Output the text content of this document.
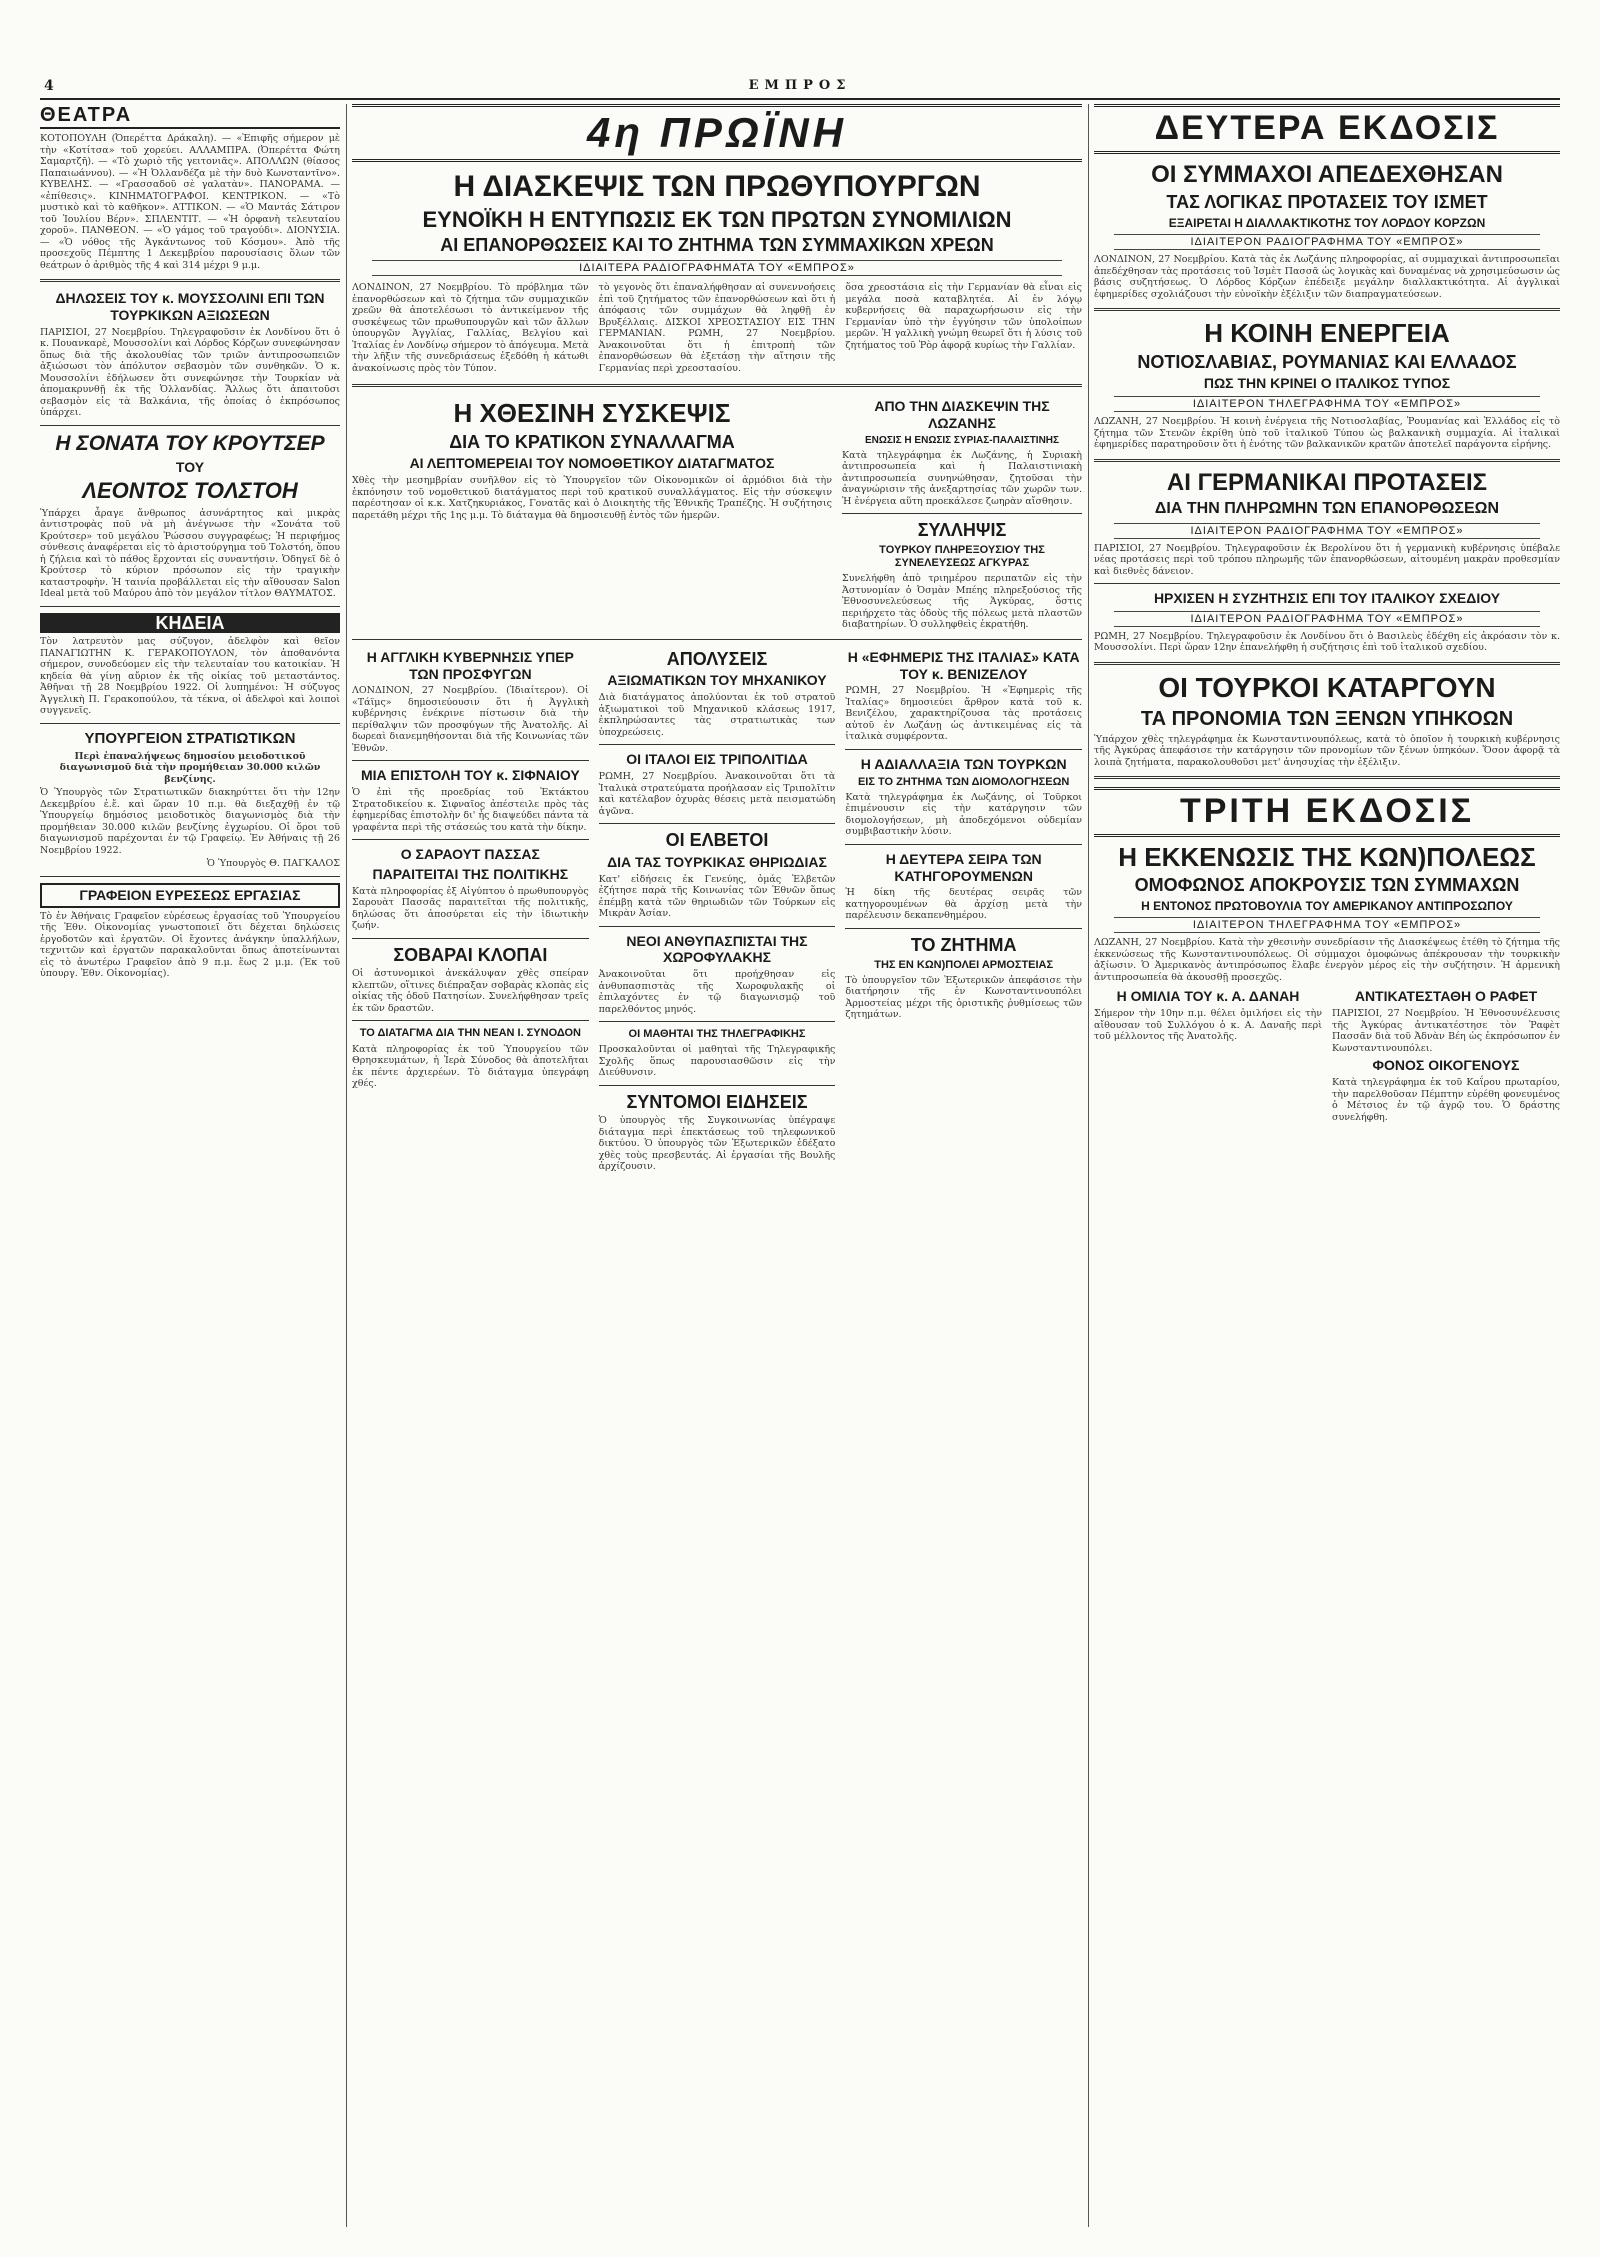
4	ΕΜΠΡΟΣ
ΘΕΑΤΡΑ

ΚΟΤΟΠΟΥΛΗ (Ὀπερέττα Δράκαλη). — «Ἐπιφῆς σήμερον μὲ τὴν «Κοτίτσα» τοῦ χορεύει. ΑΛΛΑΜΠΡΑ. (Ὀπερέττα Φώτη Σαμαρτζῆ). — «Τὸ χωριὸ τῆς γειτονιᾶς». ΑΠΟΛΛΩΝ (θίασος Παπαιωάννου). — «Ἡ Ὀλλανδέζα μὲ τὴν δυὸ Κωνσταντῖνο». ΚΥΒΕΛΗΣ. — «Γρασσαδοῦ σὲ γαλατὰν». ΠΑΝΟΡΑΜΑ. — «ἐπίθεσις». ΚΙΝΗΜΑΤΟΓΡΑΦΟΙ. ΚΕΝΤΡΙΚΟΝ. — «Τὸ μυστικὸ καὶ τὸ καθῆκον». ΑΤΤΙΚΟΝ. — «Ὁ Μαντάς Σάτιρον τοῦ Ἰουλίου Βέρν». ΣΠΛΕΝΤΙΤ. — «Ἡ ὀρφανὴ τελευταίου χοροῦ». ΠΑΝΘΕΟΝ. — «Ὁ γάμος τοῦ τραγούδι». ΔΙΟΝΥΣΙΑ. — «Ὁ νόθος τῆς Ἀγκάντωνος τοῦ Κόσμου». Ἀπὸ τῆς προσεχοῦς Πέμπτης 1 Δεκεμβρίου παρουσίασις ὅλων τῶν θεάτρων ὁ ἀριθμὸς τῆς 4 καὶ 314 μέχρι 9 μ.μ.

ΔΗΛΩΣΕΙΣ ΤΟΥ κ. ΜΟΥΣΣΟΛΙΝΙ ΕΠΙ ΤΩΝ ΤΟΥΡΚΙΚΩΝ ΑΞΙΩΣΕΩΝ

ΠΑΡΙΣΙΟΙ, 27 Νοεμβρίου. Τηλεγραφοῦσιν ἐκ Λονδίνου ὅτι ὁ κ. Πουανκαρὲ, Μουσσολίνι καὶ Λόρδος Κόρζων συνεφώνησαν ὅπως διὰ τῆς ἀκολουθίας τῶν τριῶν ἀντιπροσωπειῶν ἀξιώσωσι τὸν ἀπόλυτον σεβασμὸν τῶν συνθηκῶν. Ὁ κ. Μουσσολίνι ἐδήλωσεν ὅτι συνεφώνησε τὴν Τουρκίαν νὰ ἀπομακρυνθῇ ἐκ τῆς Ὁλλανδίας. Ἄλλως ὅτι ἀπαιτοῦσι σεβασμὸν εἰς τὰ Βαλκάνια, τῆς ὁποίας ὁ ἐκπρόσωπος ὑπάρχει.

Η ΣΟΝΑΤΑ ΤΟΥ ΚΡΟΥΤΣΕΡ
ΤΟΥ
ΛΕΟΝΤΟΣ ΤΟΛΣΤΟΗ

Ὑπάρχει ἆραγε ἄνθρωπος ἀσυνάρτητος καὶ μικρὰς ἀντιστροφὰς ποῦ νὰ μὴ ἀνέγνωσε τὴν «Σονάτα τοῦ Κρούτσερ» τοῦ μεγάλου Ῥώσσου συγγραφέως; Ἡ περιφήμος σύνθεσις ἀναφέρεται εἰς τὸ ἀριστούργημα τοῦ Τολστόη, ὅπου ἡ ζήλεια καὶ τὸ πάθος ἔρχονται εἰς συναντήσιν. Ὁδηγεῖ δὲ ὁ Κρούτσερ τὸ κύριον πρόσωπον εἰς τὴν τραγικὴν καταστροφὴν. Ἡ ταινία προβάλλεται εἰς τὴν αἴθουσαν Salon Ideal μετὰ τοῦ Μαύρου ἀπὸ τὸν μεγάλον τίτλον ΘΑΥΜΑΤΟΣ.

ΚΗΔΕΙΑ

Τὸν λατρευτὸν μας σύζυγον, ἀδελφὸν καὶ θεῖον ΠΑΝΑΓΙΩΤΗΝ Κ. ΓΕΡΑΚΟΠΟΥΛΟΝ, τὸν ἀποθανόντα σήμερον, συνοδεύομεν εἰς τὴν τελευταίαν του κατοικίαν. Ἡ κηδεία θὰ γίνῃ αὔριον ἐκ τῆς οἰκίας τοῦ μεταστάντος. Ἀθῆναι τῇ 28 Νοεμβρίου 1922. Οἱ λυπημένοι: Ἡ σύζυγος Ἀγγελικὴ Π. Γερακοπούλου, τὰ τέκνα, οἱ ἀδελφοὶ καὶ λοιποὶ συγγενεῖς.

ΥΠΟΥΡΓΕΙΟΝ ΣΤΡΑΤΙΩΤΙΚΩΝ

Περὶ ἐπαναλήψεως δημοσίου μειοδοτικοῦ διαγωνισμοῦ διὰ τὴν προμήθειαν 30.000 κιλῶν βενζίνης.

Ὁ Ὑπουργὸς τῶν Στρατιωτικῶν διακηρύττει ὅτι τὴν 12ην Δεκεμβρίου ἐ.ἔ. καὶ ὥραν 10 π.μ. θὰ διεξαχθῇ ἐν τῷ Ὑπουργείῳ δημόσιος μειοδοτικὸς διαγωνισμὸς διὰ τὴν προμήθειαν 30.000 κιλῶν βενζίνης ἐγχωρίου. Οἱ ὅροι τοῦ διαγωνισμοῦ παρέχονται ἐν τῷ Γραφείῳ. Ἐν Ἀθήναις τῇ 26 Νοεμβρίου 1922.

Ὁ Ὑπουργὸς Θ. ΠΑΓΚΑΛΟΣ

ΓΡΑΦΕΙΟΝ ΕΥΡΕΣΕΩΣ ΕΡΓΑΣΙΑΣ

Τὸ ἐν Ἀθήναις Γραφεῖον εὑρέσεως ἐργασίας τοῦ Ὑπουργείου τῆς Ἐθν. Οἰκονομίας γνωστοποιεῖ ὅτι δέχεται δηλώσεις ἐργοδοτῶν καὶ ἐργατῶν. Οἱ ἔχοντες ἀνάγκην ὑπαλλήλων, τεχνιτῶν καὶ ἐργατῶν παρακαλοῦνται ὅπως ἀποτείνωνται εἰς τὸ ἀνωτέρω Γραφεῖον ἀπὸ 9 π.μ. ἕως 2 μ.μ. (Ἐκ τοῦ ὑπουργ. Ἐθν. Οἰκονομίας).

4η ΠΡΩΪΝΗ
Η ΔΙΑΣΚΕΨΙΣ ΤΩΝ ΠΡΩΘΥΠΟΥΡΓΩΝ
ΕΥΝΟΪΚΗ Η ΕΝΤΥΠΩΣΙΣ ΕΚ ΤΩΝ ΠΡΩΤΩΝ ΣΥΝΟΜΙΛΙΩΝ
ΑΙ ΕΠΑΝΟΡΘΩΣΕΙΣ ΚΑΙ ΤΟ ΖΗΤΗΜΑ ΤΩΝ ΣΥΜΜΑΧΙΚΩΝ ΧΡΕΩΝ
ΙΔΙΑΙΤΕΡΑ ΡΑΔΙΟΓΡΑΦΗΜΑΤΑ ΤΟΥ «ΕΜΠΡΟΣ»

ΛΟΝΔΙΝΟΝ, 27 Νοεμβρίου. Τὸ πρόβλημα τῶν ἐπανορθώσεων καὶ τὸ ζήτημα τῶν συμμαχικῶν χρεῶν θὰ ἀποτελέσωσι τὸ ἀντικείμενον τῆς συσκέψεως τῶν πρωθυπουργῶν καὶ τῶν ἄλλων ὑπουργῶν Ἀγγλίας, Γαλλίας, Βελγίου καὶ Ἰταλίας ἐν Λονδίνῳ σήμερον τὸ ἀπόγευμα. Μετὰ τὴν λῆξιν τῆς συνεδριάσεως ἐξεδόθη ἡ κάτωθι ἀνακοίνωσις πρὸς τὸν Τύπον.

τὸ γεγονὸς ὅτι ἐπαναλήφθησαν αἱ συνεννοήσεις ἐπὶ τοῦ ζητήματος τῶν ἐπανορθώσεων καὶ ὅτι ἡ ἀπόφασις τῶν συμμάχων θὰ ληφθῇ ἐν Βρυξέλλαις. ΔΙΣΚΟΙ ΧΡΕΟΣΤΑΣΙΟΥ ΕΙΣ ΤΗΝ ΓΕΡΜΑΝΙΑΝ. ΡΩΜΗ, 27 Νοεμβρίου. Ἀνακοινοῦται ὅτι ἡ ἐπιτροπὴ τῶν ἐπανορθώσεων θὰ ἐξετάσῃ τὴν αἴτησιν τῆς Γερμανίας περὶ χρεοστασίου.

ὅσα χρεοστάσια εἰς τὴν Γερμανίαν θὰ εἶναι εἰς μεγάλα ποσὰ καταβλητέα. Αἱ ἐν λόγῳ κυβερνήσεις θὰ παραχωρήσωσιν εἰς τὴν Γερμανίαν ὑπὸ τὴν ἐγγύησιν τῶν ὑπολοίπων μερῶν. Ἡ γαλλικὴ γνώμη θεωρεῖ ὅτι ἡ λύσις τοῦ ζητήματος τοῦ Ῥὸρ ἀφορᾷ κυρίως τὴν Γαλλίαν.

Η ΧΘΕΣΙΝΗ ΣΥΣΚΕΨΙΣ
ΔΙΑ ΤΟ ΚΡΑΤΙΚΟΝ ΣΥΝΑΛΛΑΓΜΑ
ΑΙ ΛΕΠΤΟΜΕΡΕΙΑΙ ΤΟΥ ΝΟΜΟΘΕΤΙΚΟΥ ΔΙΑΤΑΓΜΑΤΟΣ

Χθὲς τὴν μεσημβρίαν συνῆλθον εἰς τὸ Ὑπουργεῖον τῶν Οἰκονομικῶν οἱ ἁρμόδιοι διὰ τὴν ἐκπόνησιν τοῦ νομοθετικοῦ διατάγματος περὶ τοῦ κρατικοῦ συναλλάγματος. Εἰς τὴν σύσκεψιν παρέστησαν οἱ κ.κ. Χατζηκυριάκος, Γονατᾶς καὶ ὁ Διοικητὴς τῆς Ἐθνικῆς Τραπέζης. Ἡ συζήτησις παρετάθη μέχρι τῆς 1ης μ.μ. Τὸ διάταγμα θὰ δημοσιευθῇ ἐντὸς τῶν ἡμερῶν.

ΑΠΟ ΤΗΝ ΔΙΑΣΚΕΨΙΝ ΤΗΣ ΛΩΖΑΝΗΣ
ΕΝΩΣΙΣ Η ΕΝΩΣΙΣ ΣΥΡΙΑΣ-ΠΑΛΑΙΣΤΙΝΗΣ

Κατὰ τηλεγράφημα ἐκ Λωζάνης, ἡ Συριακὴ ἀντιπροσωπεία καὶ ἡ Παλαιστινιακὴ ἀντιπροσωπεία συνηνώθησαν, ζητοῦσαι τὴν ἀναγνώρισιν τῆς ἀνεξαρτησίας τῶν χωρῶν των. Ἡ ἐνέργεια αὕτη προεκάλεσε ζωηρὰν αἴσθησιν.

ΣΥΛΛΗΨΙΣ
ΤΟΥΡΚΟΥ ΠΛΗΡΕΞΟΥΣΙΟΥ ΤΗΣ ΣΥΝΕΛΕΥΣΕΩΣ ΑΓΚΥΡΑΣ

Συνελήφθη ἀπὸ τριημέρου περιπατῶν εἰς τὴν Ἀστυνομίαν ὁ Ὀσμὰν Μπέης πληρεξούσιος τῆς Ἐθνοσυνελεύσεως τῆς Ἀγκύρας, ὅστις περιήρχετο τὰς ὁδοὺς τῆς πόλεως μετὰ πλαστῶν διαβατηρίων. Ὁ συλληφθεὶς ἐκρατήθη.

Η ΑΓΓΛΙΚΗ ΚΥΒΕΡΝΗΣΙΣ ΥΠΕΡ ΤΩΝ ΠΡΟΣΦΥΓΩΝ

ΛΟΝΔΙΝΟΝ, 27 Νοεμβρίου. (Ἰδιαίτερον). Οἱ «Τάϊμς» δημοσιεύουσιν ὅτι ἡ Ἀγγλικὴ κυβέρνησις ἐνέκρινε πίστωσιν διὰ τὴν περίθαλψιν τῶν προσφύγων τῆς Ἀνατολῆς. Αἱ δωρεαὶ διανεμηθήσονται διὰ τῆς Κοινωνίας τῶν Ἐθνῶν.

ΜΙΑ ΕΠΙΣΤΟΛΗ ΤΟΥ κ. ΣΙΦΝΑΙΟΥ

Ὁ ἐπὶ τῆς προεδρίας τοῦ Ἐκτάκτου Στρατοδικείου κ. Σιφναῖος ἀπέστειλε πρὸς τὰς ἐφημερίδας ἐπιστολὴν δι' ἧς διαψεύδει πάντα τὰ γραφέντα περὶ τῆς στάσεώς του κατὰ τὴν δίκην.

Ο ΣΑΡΑΟΥΤ ΠΑΣΣΑΣ
ΠΑΡΑΙΤΕΙΤΑΙ ΤΗΣ ΠΟΛΙΤΙΚΗΣ

Κατὰ πληροφορίας ἐξ Αἰγύπτου ὁ πρωθυπουργὸς Σαρουὰτ Πασσᾶς παραιτεῖται τῆς πολιτικῆς, δηλώσας ὅτι ἀποσύρεται εἰς τὴν ἰδιωτικὴν ζωήν.

ΣΟΒΑΡΑΙ ΚΛΟΠΑΙ

Οἱ ἀστυνομικοὶ ἀνεκάλυψαν χθὲς σπείραν κλεπτῶν, οἵτινες διέπραξαν σοβαρὰς κλοπὰς εἰς οἰκίας τῆς ὁδοῦ Πατησίων. Συνελήφθησαν τρεῖς ἐκ τῶν δραστῶν.

ΤΟ ΔΙΑΤΑΓΜΑ ΔΙΑ ΤΗΝ ΝΕΑΝ Ι. ΣΥΝΟΔΟΝ

Κατὰ πληροφορίας ἐκ τοῦ Ὑπουργείου τῶν Θρησκευμάτων, ἡ Ἱερὰ Σύνοδος θὰ ἀποτελῆται ἐκ πέντε ἀρχιερέων. Τὸ διάταγμα ὑπεγράφη χθές.

ΑΠΟΛΥΣΕΙΣ
ΑΞΙΩΜΑΤΙΚΩΝ ΤΟΥ ΜΗΧΑΝΙΚΟΥ

Διὰ διατάγματος ἀπολύονται ἐκ τοῦ στρατοῦ ἀξιωματικοὶ τοῦ Μηχανικοῦ κλάσεως 1917, ἐκπληρώσαντες τὰς στρατιωτικὰς των ὑποχρεώσεις.

ΟΙ ΙΤΑΛΟΙ ΕΙΣ ΤΡΙΠΟΛΙΤΙΔΑ

ΡΩΜΗ, 27 Νοεμβρίου. Ἀνακοινοῦται ὅτι τὰ Ἰταλικὰ στρατεύματα προήλασαν εἰς Τριπολῖτιν καὶ κατέλαβον ὀχυρὰς θέσεις μετὰ πεισματώδη ἀγῶνα.

ΟΙ ΕΛΒΕΤΟΙ
ΔΙΑ ΤΑΣ ΤΟΥΡΚΙΚΑΣ ΘΗΡΙΩΔΙΑΣ

Κατ' εἰδήσεις ἐκ Γενεύης, ὁμάς Ἑλβετῶν ἐζήτησε παρὰ τῆς Κοινωνίας τῶν Ἐθνῶν ὅπως ἐπέμβῃ κατὰ τῶν θηριωδιῶν τῶν Τούρκων εἰς Μικρὰν Ἀσίαν.

ΝΕΟΙ ΑΝΘΥΠΑΣΠΙΣΤΑΙ ΤΗΣ ΧΩΡΟΦΥΛΑΚΗΣ

Ἀνακοινοῦται ὅτι προήχθησαν εἰς ἀνθυπασπιστὰς τῆς Χωροφυλακῆς οἱ ἐπιλαχόντες ἐν τῷ διαγωνισμῷ τοῦ παρελθόντος μηνός.

ΟΙ ΜΑΘΗΤΑΙ ΤΗΣ ΤΗΛΕΓΡΑΦΙΚΗΣ

Προσκαλοῦνται οἱ μαθηταὶ τῆς Τηλεγραφικῆς Σχολῆς ὅπως παρουσιασθῶσιν εἰς τὴν Διεύθυνσιν.

ΣΥΝΤΟΜΟΙ ΕΙΔΗΣΕΙΣ

Ὁ ὑπουργὸς τῆς Συγκοινωνίας ὑπέγραψε διάταγμα περὶ ἐπεκτάσεως τοῦ τηλεφωνικοῦ δικτύου. Ὁ ὑπουργὸς τῶν Ἐξωτερικῶν ἐδέξατο χθὲς τοὺς πρεσβευτάς. Αἱ ἐργασίαι τῆς Βουλῆς ἀρχίζουσιν.

Η «ΕΦΗΜΕΡΙΣ ΤΗΣ ΙΤΑΛΙΑΣ» ΚΑΤΑ ΤΟΥ κ. ΒΕΝΙΖΕΛΟΥ

ΡΩΜΗ, 27 Νοεμβρίου. Ἡ «Ἐφημερὶς τῆς Ἰταλίας» δημοσιεύει ἄρθρον κατὰ τοῦ κ. Βενιζέλου, χαρακτηρίζουσα τὰς προτάσεις αὐτοῦ ἐν Λωζάνῃ ὡς ἀντικειμένας εἰς τὰ ἰταλικὰ συμφέροντα.

Η ΑΔΙΑΛΛΑΞΙΑ ΤΩΝ ΤΟΥΡΚΩΝ
ΕΙΣ ΤΟ ΖΗΤΗΜΑ ΤΩΝ ΔΙΟΜΟΛΟΓΗΣΕΩΝ

Κατὰ τηλεγράφημα ἐκ Λωζάνης, οἱ Τοῦρκοι ἐπιμένουσιν εἰς τὴν κατάργησιν τῶν διομολογήσεων, μὴ ἀποδεχόμενοι οὐδεμίαν συμβιβαστικὴν λύσιν.

Η ΔΕΥΤΕΡΑ ΣΕΙΡΑ ΤΩΝ ΚΑΤΗΓΟΡΟΥΜΕΝΩΝ

Ἡ δίκη τῆς δευτέρας σειρᾶς τῶν κατηγορουμένων θὰ ἀρχίσῃ μετὰ τὴν παρέλευσιν δεκαπενθημέρου.

ΤΟ ΖΗΤΗΜΑ
ΤΗΣ ΕΝ ΚΩΝ)ΠΟΛΕΙ ΑΡΜΟΣΤΕΙΑΣ

Τὸ ὑπουργεῖον τῶν Ἐξωτερικῶν ἀπεφάσισε τὴν διατήρησιν τῆς ἐν Κωνσταντινουπόλει Ἀρμοστείας μέχρι τῆς ὁριστικῆς ῥυθμίσεως τῶν ζητημάτων.

ΔΕΥΤΕΡΑ ΕΚΔΟΣΙΣ
ΟΙ ΣΥΜΜΑΧΟΙ ΑΠΕΔΕΧΘΗΣΑΝ
ΤΑΣ ΛΟΓΙΚΑΣ ΠΡΟΤΑΣΕΙΣ ΤΟΥ ΙΣΜΕΤ
ΕΞΑΙΡΕΤΑΙ Η ΔΙΑΛΛΑΚΤΙΚΟΤΗΣ ΤΟΥ ΛΟΡΔΟΥ ΚΟΡΖΩΝ
ΙΔΙΑΙΤΕΡΟΝ ΡΑΔΙΟΓΡΑΦΗΜΑ ΤΟΥ «ΕΜΠΡΟΣ»

ΛΟΝΔΙΝΟΝ, 27 Νοεμβρίου. Κατὰ τὰς ἐκ Λωζάνης πληροφορίας, αἱ συμμαχικαὶ ἀντιπροσωπεῖαι ἀπεδέχθησαν τὰς προτάσεις τοῦ Ἰσμὲτ Πασσᾶ ὡς λογικὰς καὶ δυναμένας νὰ χρησιμεύσωσιν ὡς βάσις συζητήσεως. Ὁ Λόρδος Κόρζων ἐπέδειξε μεγάλην διαλλακτικότητα. Αἱ ἀγγλικαὶ ἐφημερίδες σχολιάζουσι τὴν εὐνοϊκὴν ἐξέλιξιν τῶν διαπραγματεύσεων.

Η ΚΟΙΝΗ ΕΝΕΡΓΕΙΑ
ΝΟΤΙΟΣΛΑΒΙΑΣ, ΡΟΥΜΑΝΙΑΣ ΚΑΙ ΕΛΛΑΔΟΣ
ΠΩΣ ΤΗΝ ΚΡΙΝΕΙ Ο ΙΤΑΛΙΚΟΣ ΤΥΠΟΣ
ΙΔΙΑΙΤΕΡΟΝ ΤΗΛΕΓΡΑΦΗΜΑ ΤΟΥ «ΕΜΠΡΟΣ»

ΛΩΖΑΝΗ, 27 Νοεμβρίου. Ἡ κοινὴ ἐνέργεια τῆς Νοτιοσλαβίας, Ῥουμανίας καὶ Ἑλλάδος εἰς τὸ ζήτημα τῶν Στενῶν ἐκρίθη ὑπὸ τοῦ ἰταλικοῦ Τύπου ὡς βαλκανικὴ συμμαχία. Αἱ ἰταλικαὶ ἐφημερίδες παρατηροῦσιν ὅτι ἡ ἑνότης τῶν βαλκανικῶν κρατῶν ἀποτελεῖ παράγοντα εἰρήνης.

ΑΙ ΓΕΡΜΑΝΙΚΑΙ ΠΡΟΤΑΣΕΙΣ
ΔΙΑ ΤΗΝ ΠΛΗΡΩΜΗΝ ΤΩΝ ΕΠΑΝΟΡΘΩΣΕΩΝ
ΙΔΙΑΙΤΕΡΟΝ ΡΑΔΙΟΓΡΑΦΗΜΑ ΤΟΥ «ΕΜΠΡΟΣ»

ΠΑΡΙΣΙΟΙ, 27 Νοεμβρίου. Τηλεγραφοῦσιν ἐκ Βερολίνου ὅτι ἡ γερμανικὴ κυβέρνησις ὑπέβαλε νέας προτάσεις περὶ τοῦ τρόπου πληρωμῆς τῶν ἐπανορθώσεων, αἰτουμένη μακρὰν προθεσμίαν καὶ διεθνὲς δάνειον.

ΗΡΧΙΣΕΝ Η ΣΥΖΗΤΗΣΙΣ ΕΠΙ ΤΟΥ ΙΤΑΛΙΚΟΥ ΣΧΕΔΙΟΥ
ΙΔΙΑΙΤΕΡΟΝ ΡΑΔΙΟΓΡΑΦΗΜΑ ΤΟΥ «ΕΜΠΡΟΣ»

ΡΩΜΗ, 27 Νοεμβρίου. Τηλεγραφοῦσιν ἐκ Λονδίνου ὅτι ὁ Βασιλεὺς ἐδέχθη εἰς ἀκρόασιν τὸν κ. Μουσσολίνι. Περὶ ὥραν 12ην ἐπανελήφθη ἡ συζήτησις ἐπὶ τοῦ ἰταλικοῦ σχεδίου.

ΟΙ ΤΟΥΡΚΟΙ ΚΑΤΑΡΓΟΥΝ
ΤΑ ΠΡΟΝΟΜΙΑ ΤΩΝ ΞΕΝΩΝ ΥΠΗΚΟΩΝ

Ὑπάρχον χθὲς τηλεγράφημα ἐκ Κωνσταντινουπόλεως, κατὰ τὸ ὁποῖον ἡ τουρκικὴ κυβέρνησις τῆς Ἀγκύρας ἀπεφάσισε τὴν κατάργησιν τῶν προνομίων τῶν ξένων ὑπηκόων. Ὅσον ἀφορᾷ τὰ λοιπὰ ζητήματα, παρακολουθοῦσι μετ' ἀνησυχίας τὴν ἐξέλιξιν.

ΤΡΙΤΗ ΕΚΔΟΣΙΣ
Η ΕΚΚΕΝΩΣΙΣ ΤΗΣ ΚΩΝ)ΠΟΛΕΩΣ
ΟΜΟΦΩΝΟΣ ΑΠΟΚΡΟΥΣΙΣ ΤΩΝ ΣΥΜΜΑΧΩΝ
Η ΕΝΤΟΝΟΣ ΠΡΩΤΟΒΟΥΛΙΑ ΤΟΥ ΑΜΕΡΙΚΑΝΟΥ ΑΝΤΙΠΡΟΣΩΠΟΥ
ΙΔΙΑΙΤΕΡΟΝ ΤΗΛΕΓΡΑΦΗΜΑ ΤΟΥ «ΕΜΠΡΟΣ»

ΛΩΖΑΝΗ, 27 Νοεμβρίου. Κατὰ τὴν χθεσινὴν συνεδρίασιν τῆς Διασκέψεως ἐτέθη τὸ ζήτημα τῆς ἐκκενώσεως τῆς Κωνσταντινουπόλεως. Οἱ σύμμαχοι ὁμοφώνως ἀπέκρουσαν τὴν τουρκικὴν ἀξίωσιν. Ὁ Ἀμερικανὸς ἀντιπρόσωπος ἔλαβε ἐνεργὸν μέρος εἰς τὴν συζήτησιν. Ἡ ἀρμενικὴ ἀντιπροσωπεία θὰ ἀκουσθῇ προσεχῶς.

Η ΟΜΙΛΙΑ ΤΟΥ κ. Α. ΔΑΝΑΗ

Σήμερον τὴν 10ην π.μ. θέλει ὁμιλήσει εἰς τὴν αἴθουσαν τοῦ Συλλόγου ὁ κ. Α. Δαναῆς περὶ τοῦ μέλλοντος τῆς Ἀνατολῆς.

ΑΝΤΙΚΑΤΕΣΤΑΘΗ Ο ΡΑΦΕΤ

ΠΑΡΙΣΙΟΙ, 27 Νοεμβρίου. Ἡ Ἐθνοσυνέλευσις τῆς Ἀγκύρας ἀντικατέστησε τὸν Ῥαφὲτ Πασσᾶν διὰ τοῦ Ἀδνὰν Βέη ὡς ἐκπρόσωπον ἐν Κωνσταντινουπόλει.

ΦΟΝΟΣ ΟΙΚΟΓΕΝΟΥΣ

Κατὰ τηλεγράφημα ἐκ τοῦ Καΐρου πρωταρίου, τὴν παρελθοῦσαν Πέμπτην εὑρέθη φονευμένος ὁ Μέτσιος ἐν τῷ ἀγρῷ του. Ὁ δράστης συνελήφθη.
